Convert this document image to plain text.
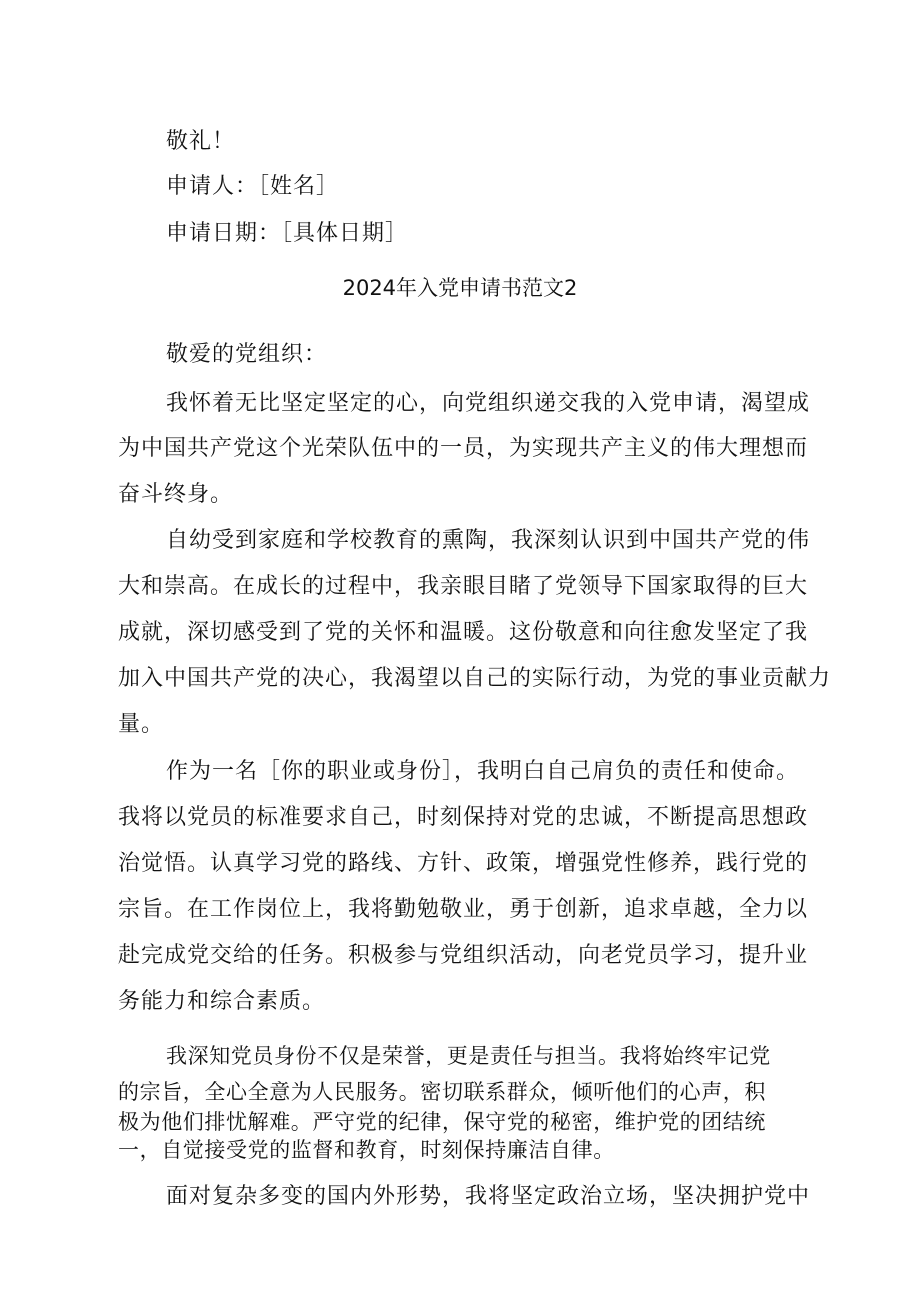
敬礼！
申请人：［姓名］
申请日期：［具体日期］
2024年入党申请书范文2
敬爱的党组织：
我怀着无比坚定坚定的心，向党组织递交我的入党申请，渴望成
为中国共产党这个光荣队伍中的一员，为实现共产主义的伟大理想而
奋斗终身。
自幼受到家庭和学校教育的熏陶，我深刻认识到中国共产党的伟
大和崇高。在成长的过程中，我亲眼目睹了党领导下国家取得的巨大
成就，深切感受到了党的关怀和温暖。这份敬意和向往愈发坚定了我
加入中国共产党的决心，我渴望以自己的实际行动，为党的事业贡献力
量。
作为一名［你的职业或身份］，我明白自己肩负的责任和使命。
我将以党员的标准要求自己，时刻保持对党的忠诚，不断提高思想政
治觉悟。认真学习党的路线、方针、政策，增强党性修养，践行党的
宗旨。在工作岗位上，我将勤勉敬业，勇于创新，追求卓越，全力以
赴完成党交给的任务。积极参与党组织活动，向老党员学习，提升业
务能力和综合素质。
我深知党员身份不仅是荣誉，更是责任与担当。我将始终牢记党
的宗旨，全心全意为人民服务。密切联系群众，倾听他们的心声，积
极为他们排忧解难。严守党的纪律，保守党的秘密，维护党的团结统
一，自觉接受党的监督和教育，时刻保持廉洁自律。
面对复杂多变的国内外形势，我将坚定政治立场，坚决拥护党中
